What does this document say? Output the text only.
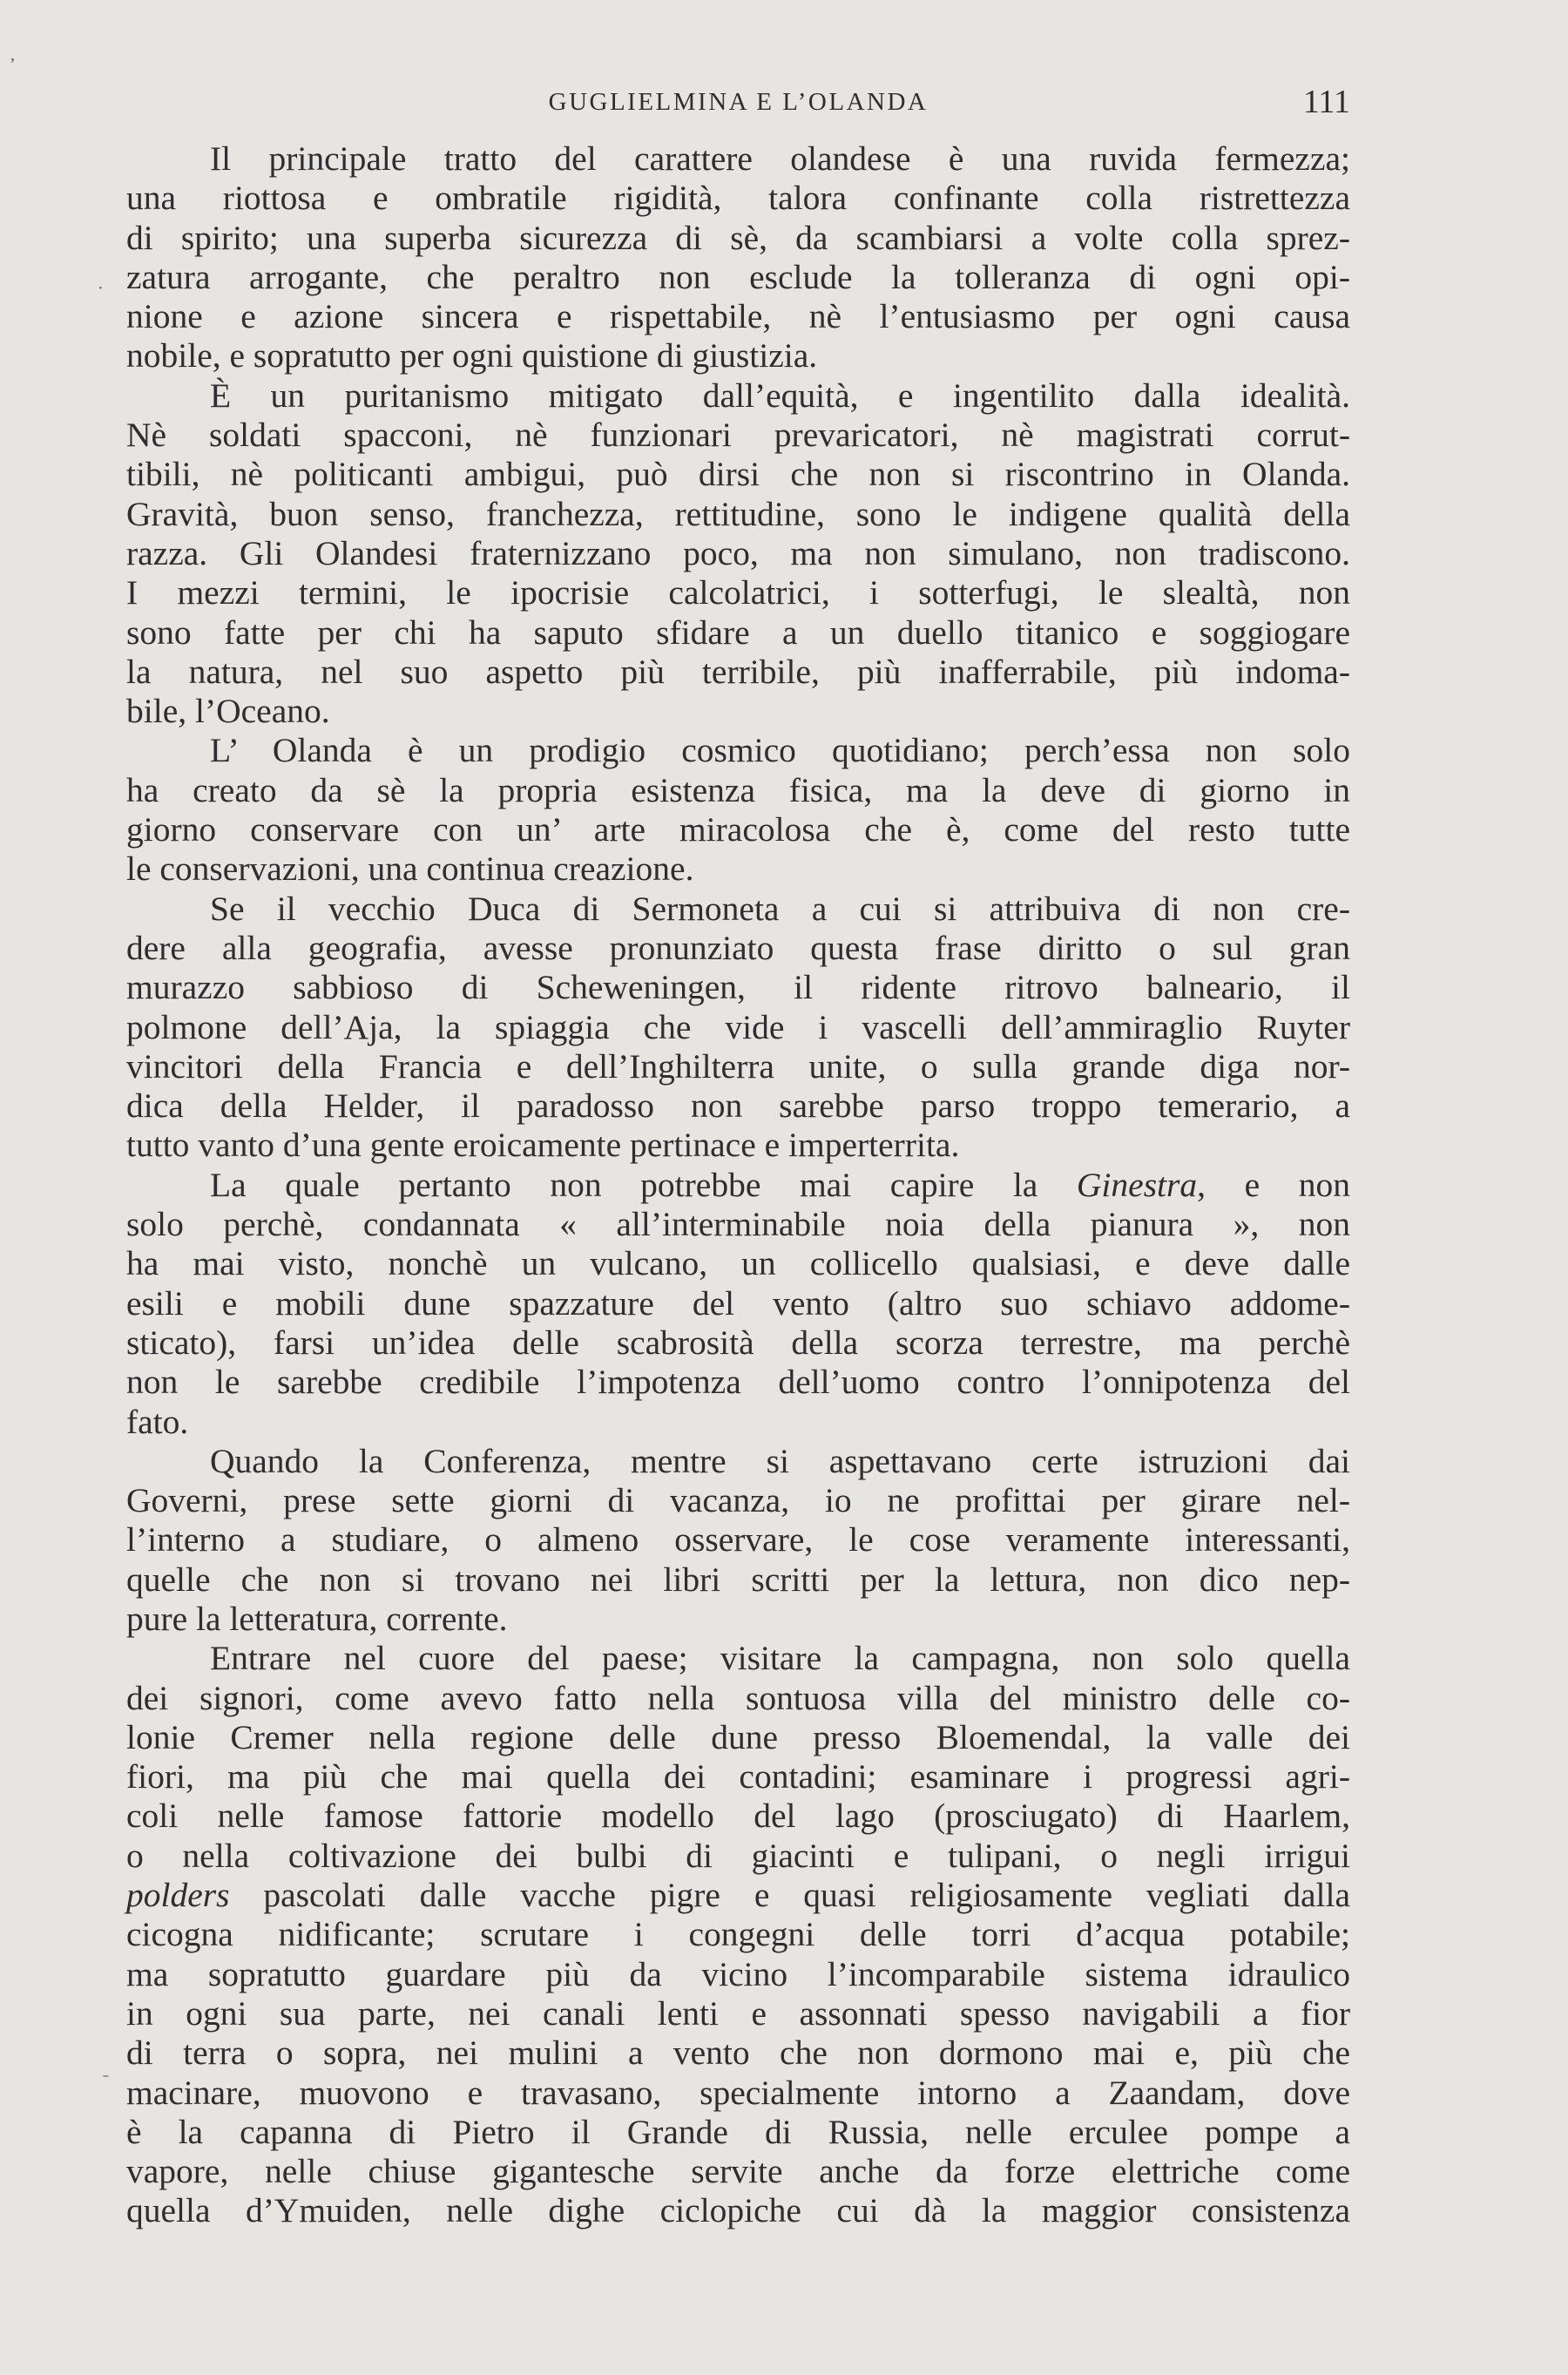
,
·
˗
GUGLIELMINA E L’OLANDA	111
Il principale tratto del carattere olandese è una ruvida fermezza;
una riottosa e ombratile rigidità, talora confinante colla ristrettezza
di spirito; una superba sicurezza di sè, da scambiarsi a volte colla sprez-
zatura arrogante, che peraltro non esclude la tolleranza di ogni opi-
nione e azione sincera e rispettabile, nè l’entusiasmo per ogni causa
nobile, e sopratutto per ogni quistione di giustizia.
È un puritanismo mitigato dall’equità, e ingentilito dalla idealità.
Nè soldati spacconi, nè funzionari prevaricatori, nè magistrati corrut-
tibili, nè politicanti ambigui, può dirsi che non si riscontrino in Olanda.
Gravità, buon senso, franchezza, rettitudine, sono le indigene qualità della
razza. Gli Olandesi fraternizzano poco, ma non simulano, non tradiscono.
I mezzi termini, le ipocrisie calcolatrici, i sotterfugi, le slealtà, non
sono fatte per chi ha saputo sfidare a un duello titanico e soggiogare
la natura, nel suo aspetto più terribile, più inafferrabile, più indoma-
bile, l’Oceano.
L’ Olanda è un prodigio cosmico quotidiano; perch’essa non solo
ha creato da sè la propria esistenza fisica, ma la deve di giorno in
giorno conservare con un’ arte miracolosa che è, come del resto tutte
le conservazioni, una continua creazione.
Se il vecchio Duca di Sermoneta a cui si attribuiva di non cre-
dere alla geografia, avesse pronunziato questa frase diritto o sul gran
murazzo sabbioso di Scheweningen, il ridente ritrovo balneario, il
polmone dell’Aja, la spiaggia che vide i vascelli dell’ammiraglio Ruyter
vincitori della Francia e dell’Inghilterra unite, o sulla grande diga nor-
dica della Helder, il paradosso non sarebbe parso troppo temerario, a
tutto vanto d’una gente eroicamente pertinace e imperterrita.
La quale pertanto non potrebbe mai capire la Ginestra, e non
solo perchè, condannata « all’interminabile noia della pianura », non
ha mai visto, nonchè un vulcano, un collicello qualsiasi, e deve dalle
esili e mobili dune spazzature del vento (altro suo schiavo addome-
sticato), farsi un’idea delle scabrosità della scorza terrestre, ma perchè
non le sarebbe credibile l’impotenza dell’uomo contro l’onnipotenza del
fato.
Quando la Conferenza, mentre si aspettavano certe istruzioni dai
Governi, prese sette giorni di vacanza, io ne profittai per girare nel-
l’interno a studiare, o almeno osservare, le cose veramente interessanti,
quelle che non si trovano nei libri scritti per la lettura, non dico nep-
pure la letteratura, corrente.
Entrare nel cuore del paese; visitare la campagna, non solo quella
dei signori, come avevo fatto nella sontuosa villa del ministro delle co-
lonie Cremer nella regione delle dune presso Bloemendal, la valle dei
fiori, ma più che mai quella dei contadini; esaminare i progressi agri-
coli nelle famose fattorie modello del lago (prosciugato) di Haarlem,
o nella coltivazione dei bulbi di giacinti e tulipani, o negli irrigui
polders pascolati dalle vacche pigre e quasi religiosamente vegliati dalla
cicogna nidificante; scrutare i congegni delle torri d’acqua potabile;
ma sopratutto guardare più da vicino l’incomparabile sistema idraulico
in ogni sua parte, nei canali lenti e assonnati spesso navigabili a fior
di terra o sopra, nei mulini a vento che non dormono mai e, più che
macinare, muovono e travasano, specialmente intorno a Zaandam, dove
è la capanna di Pietro il Grande di Russia, nelle erculee pompe a
vapore, nelle chiuse gigantesche servite anche da forze elettriche come
quella d’Ymuiden, nelle dighe ciclopiche cui dà la maggior consistenza
